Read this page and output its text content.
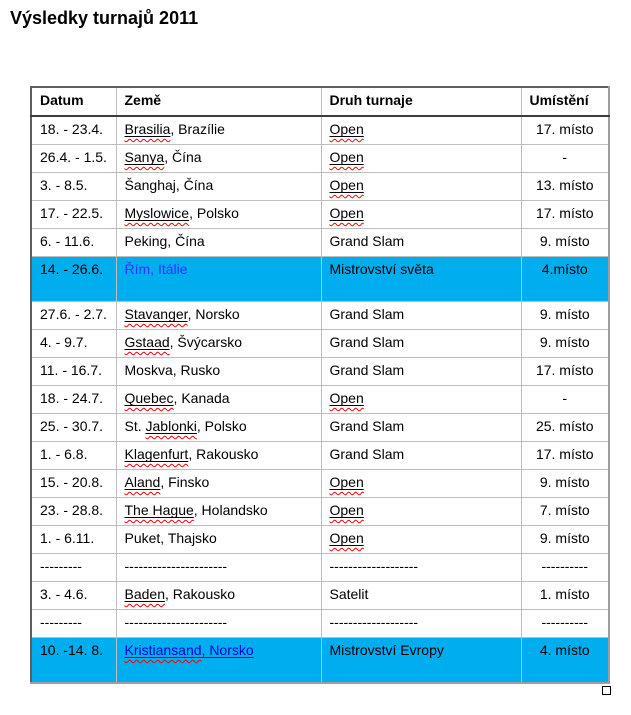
Výsledky turnajů 2011
Datum	Země	Druh turnaje	Umístění
18. - 23.4.	Brasilia, Brazílie	Open	17. místo
26.4. - 1.5.	Sanya, Čína	Open	-
3. - 8.5.	Šanghaj, Čína	Open	13. místo
17. - 22.5.	Myslowice, Polsko	Open	17. místo
6. - 11.6.	Peking, Čína	Grand Slam	9. místo
14. - 26.6.	Řím, Itálie	Mistrovství světa	4.místo
27.6. - 2.7.	Stavanger, Norsko	Grand Slam	9. místo
4. - 9.7.	Gstaad, Švýcarsko	Grand Slam	9. místo
11. - 16.7.	Moskva, Rusko	Grand Slam	17. místo
18. - 24.7.	Quebec, Kanada	Open	-
25. - 30.7.	St. Jablonki, Polsko	Grand Slam	25. místo
1. - 6.8.	Klagenfurt, Rakousko	Grand Slam	17. místo
15. - 20.8.	Aland, Finsko	Open	9. místo
23. - 28.8.	The Hague, Holandsko	Open	7. místo
1. - 6.11.	Puket, Thajsko	Open	9. místo
---------	----------------------	-------------------	----------
3. - 4.6.	Baden, Rakousko	Satelit	1. místo
---------	----------------------	-------------------	----------
10. -14. 8.	Kristiansand, Norsko	Mistrovství Evropy	4. místo
